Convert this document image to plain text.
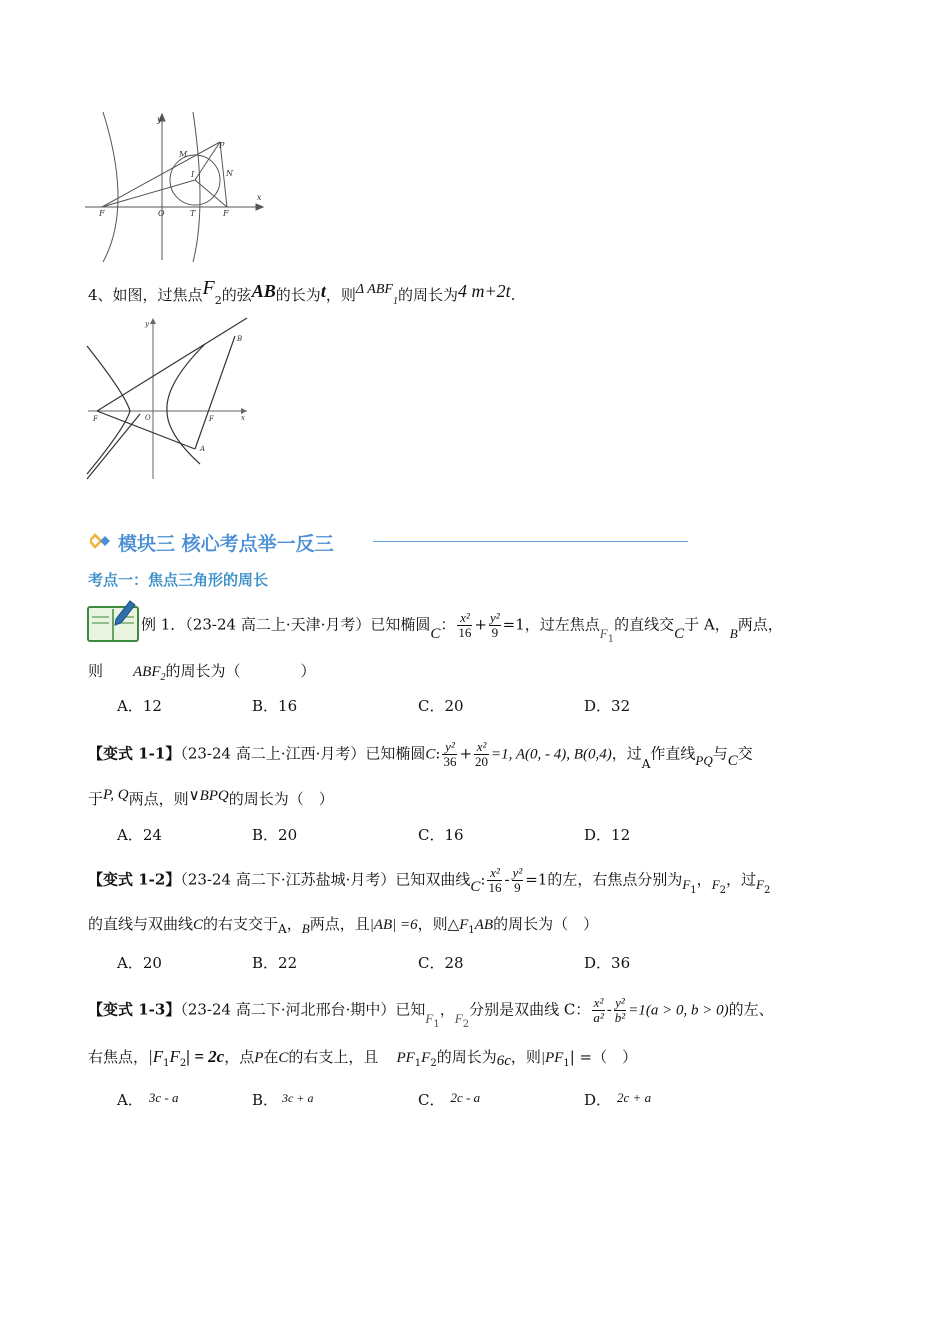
y
x
M
P
I	N
F	O	T	F
4、如图，过焦点$F_2$的弦AB的长为t，则Δ $ABF_1$的周长为4 m+2t.
y
x
B
A
F	O	F
模块三 核心考点举一反三
考点一：焦点三角形的周长
例 1．（23-24 高二上·天津·月考）已知椭圆C： $\frac{\text{x²}}{16} + \frac{\text{y²}}{9} =1$，过左焦点$F_1$的直线交C于 A，B两点，
则 $ABF_2$的周长为（　　　　）
A．12	B．16	C．20	D．32
【变式 1-1】（23-24 高二上·江西·月考）已知椭圆C: $\frac{\text{y²}}{36} + \frac{\text{x²}}{20} =1$, A(0, - 4), B(0,4)，过$_A$作直线PQ与C交
于P, Q两点，则∨BPQ的周长为（　）
A．24	B．20	C．16	D．12
【变式 1-2】（23-24 高二下·江苏盐城·月考）已知双曲线C: $\frac{\text{x²}}{16} - \frac{\text{y²}}{9} =1$的左，右焦点分别为$F_1$，$F_2$，过$F_2$
的直线与双曲线C的右支交于$_A$，B两点，且|AB| =6，则$\triangle F_1AB$的周长为（　）
A．20	B．22	C．28	D．36
【变式 1-3】（23-24 高二下·河北邢台·期中）已知$F_1$，$F_2$分别是双曲线 C： $\frac{\text{x²}}{\text{a²}} - \frac{\text{y²}}{\text{b²}} =1(a > 0$, b > 0)的左、
右焦点，$|F_1F_2| = 2c$，点P在C的右支上，且 $PF_1F_2$的周长为6c，则$|PF_1|$ =（　）
A． 3c - a	B． $^{3c + a}$	C． 2c - a	D． 2c + a
